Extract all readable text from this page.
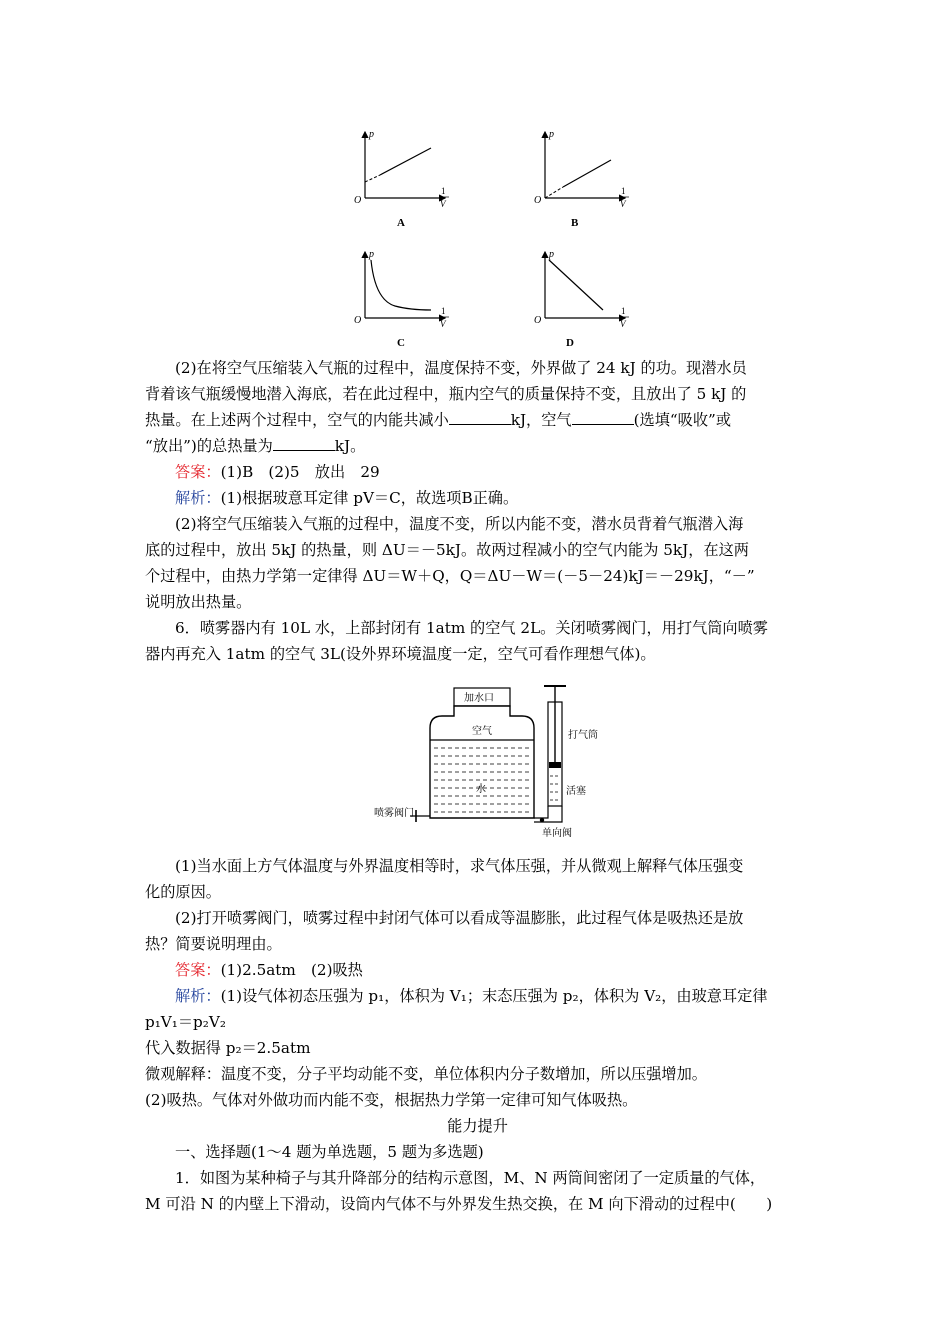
p
O
1
V
A
p
O
1
V
B
p
O
1
V
C
p
O
1
V
D

(2)在将空气压缩装入气瓶的过程中，温度保持不变，外界做了 24 kJ 的功。现潜水员

背着该气瓶缓慢地潜入海底，若在此过程中，瓶内空气的质量保持不变，且放出了 5 kJ 的

热量。在上述两个过程中，空气的内能共减小	kJ，空气	(选填“吸收”或

“放出”)的总热量为	kJ。

答案：(1)B　(2)5　放出　29

解析：(1)根据玻意耳定律 pV＝C，故选项B正确。

(2)将空气压缩装入气瓶的过程中，温度不变，所以内能不变，潜水员背着气瓶潜入海

底的过程中，放出 5kJ 的热量，则 ΔU＝－5kJ。故两过程减小的空气内能为 5kJ，在这两

个过程中，由热力学第一定律得 ΔU＝W＋Q，Q＝ΔU－W＝(－5－24)kJ＝－29kJ，“－”

说明放出热量。

6．喷雾器内有 10L 水，上部封闭有 1atm 的空气 2L。关闭喷雾阀门，用打气筒向喷雾

器内再充入 1atm 的空气 3L(设外界环境温度一定，空气可看作理想气体)。

加水口
空气
水
打气筒
活塞
喷雾阀门
单向阀

(1)当水面上方气体温度与外界温度相等时，求气体压强，并从微观上解释气体压强变

化的原因。

(2)打开喷雾阀门，喷雾过程中封闭气体可以看成等温膨胀，此过程气体是吸热还是放

热？简要说明理由。

答案：(1)2.5atm　(2)吸热

解析：(1)设气体初态压强为 p₁，体积为 V₁；末态压强为 p₂，体积为 V₂，由玻意耳定律

p₁V₁＝p₂V₂

代入数据得 p₂＝2.5atm

微观解释：温度不变，分子平均动能不变，单位体积内分子数增加，所以压强增加。

(2)吸热。气体对外做功而内能不变，根据热力学第一定律可知气体吸热。

能力提升

一、选择题(1～4 题为单选题，5 题为多选题)

1．如图为某种椅子与其升降部分的结构示意图，M、N 两筒间密闭了一定质量的气体，

M 可沿 N 的内壁上下滑动，设筒内气体不与外界发生热交换，在 M 向下滑动的过程中(　　)
